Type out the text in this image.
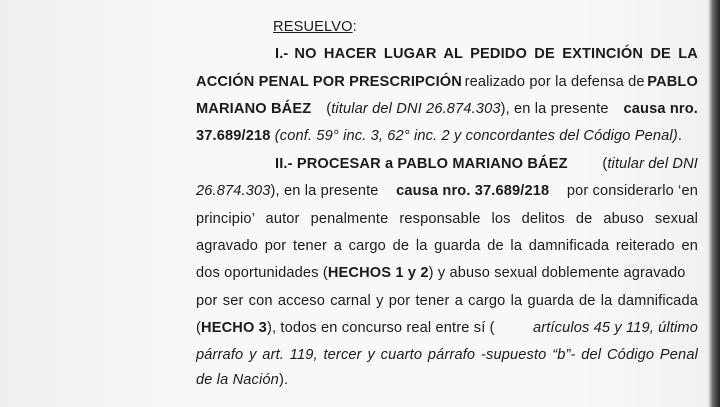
RESUELVO:
I.- NO HACER LUGAR AL PEDIDO DE EXTINCIÓN DE LA
ACCIÓN PENAL POR PRESCRIPCIÓN realizado por la defensa de PABLO
MARIANO BÁEZ (titular del DNI 26.874.303), en la presente causa nro.
37.689/218 (conf. 59° inc. 3, 62° inc. 2 y concordantes del Código Penal).
II.- PROCESAR a PABLO MARIANO BÁEZ (titular del DNI
26.874.303), en la presente causa nro. 37.689/218 por considerarlo ‘en
principio’ autor penalmente responsable los delitos de abuso sexual
agravado por tener a cargo de la guarda de la damnificada reiterado en
dos oportunidades (HECHOS 1 y 2) y abuso sexual doblemente agravado
por ser con acceso carnal y por tener a cargo la guarda de la damnificada
(HECHO 3), todos en concurso real entre sí (	artículos 45 y 119, último
párrafo y art. 119, tercer y cuarto párrafo -supuesto “b”- del Código Penal
de la Nación).
